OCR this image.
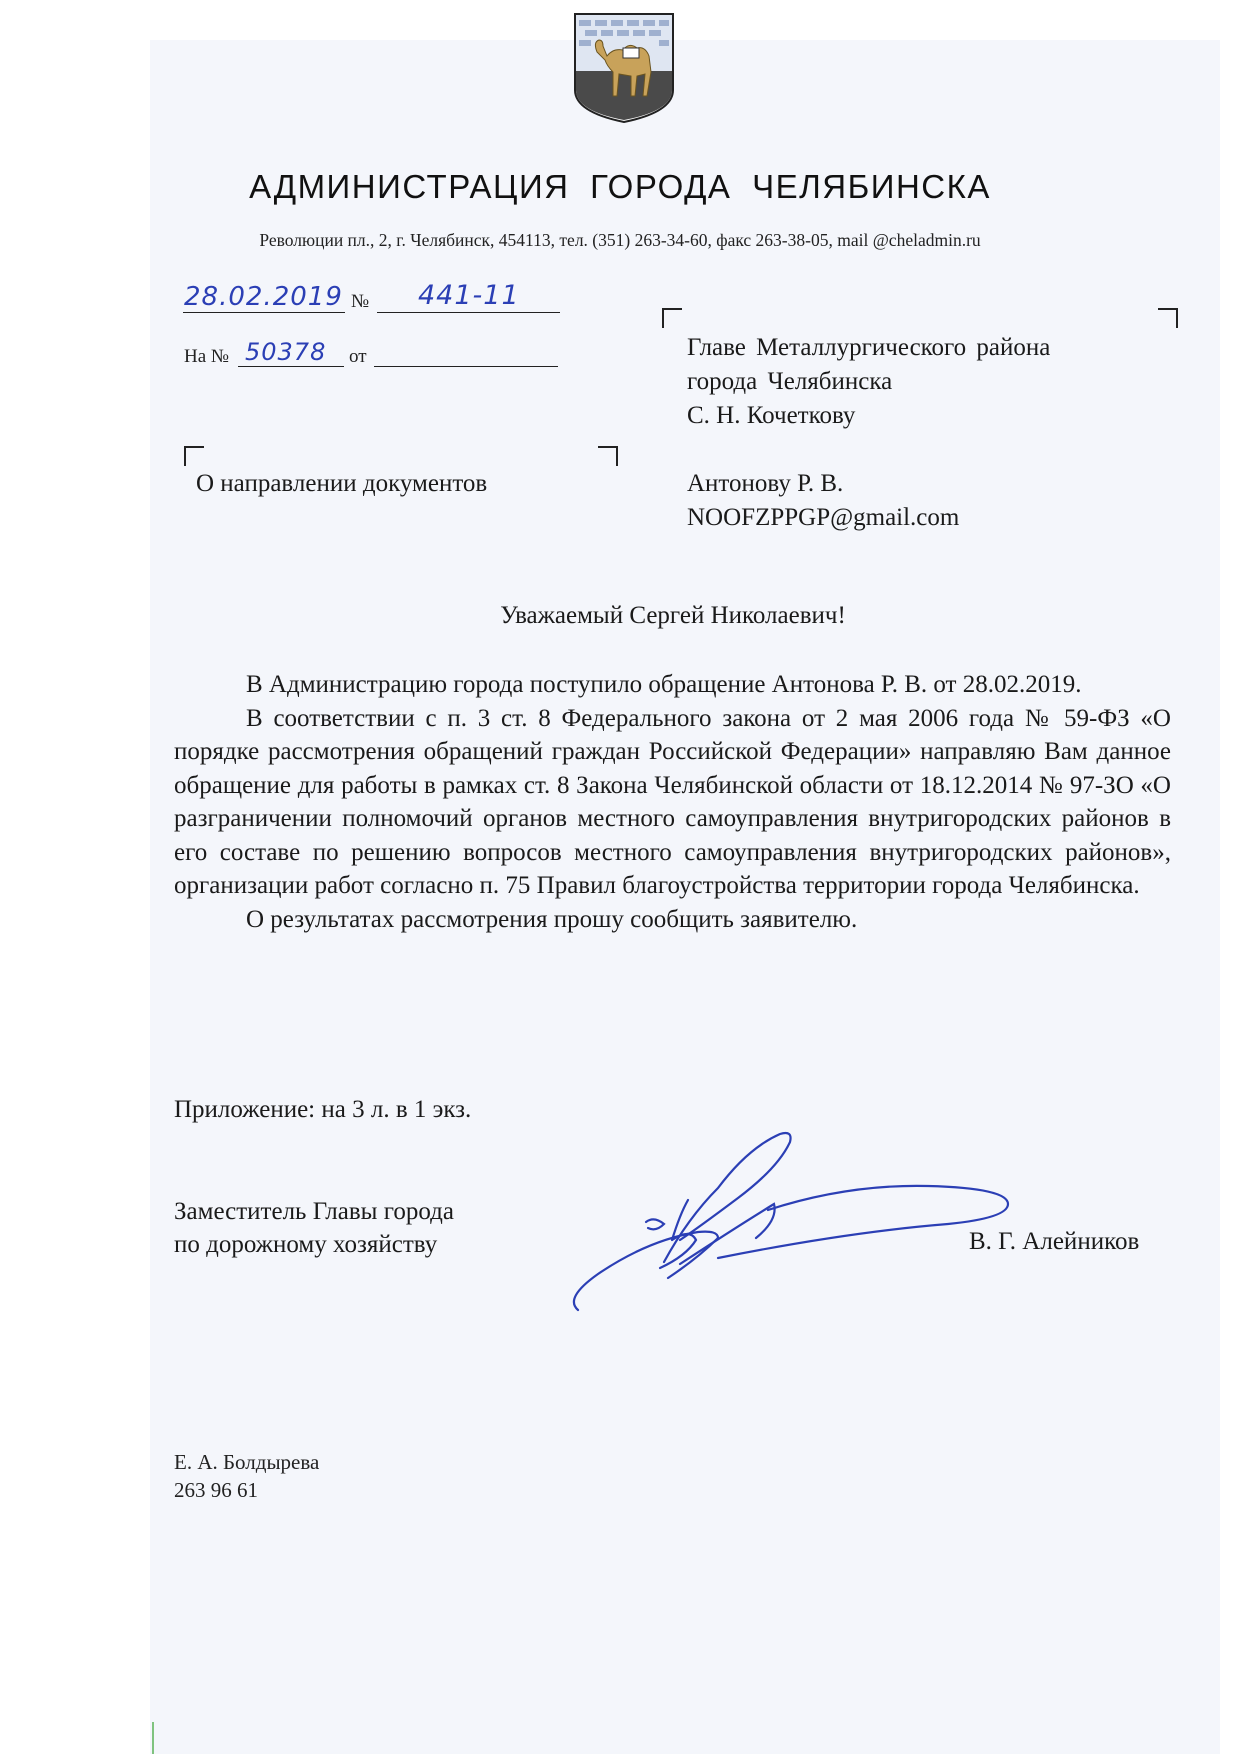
АДМИНИСТРАЦИЯ ГОРОДА ЧЕЛЯБИНСКА
Революции пл., 2, г. Челябинск, 454113, тел. (351) 263-34-60, факс 263-38-05, mail @cheladmin.ru
28.02.2019 № 441-11
На № 50378 от	Главе Металлургического района
города Челябинска
С. Н. Кочеткову
Антонову Р. В.
NOOFZPPGP@gmail.com
О направлении документов
Уважаемый Сергей Николаевич!

В Администрацию города поступило обращение Антонова Р. В. от 28.02.2019.

В соответствии с п. 3 ст. 8 Федерального закона от 2 мая 2006 года № 59-ФЗ «О порядке рассмотрения обращений граждан Российской Федерации» направляю Вам данное обращение для работы в рамках ст. 8 Закона Челябинской области от 18.12.2014 № 97-ЗО «О разграничении полномочий органов местного самоуправления внутригородских районов в его составе по решению вопросов местного самоуправления внутригородских районов», организации работ согласно п. 75 Правил благоустройства территории города Челябинска.

О результатах рассмотрения прошу сообщить заявителю.

Приложение: на 3 л. в 1 экз.
Заместитель Главы города
по дорожному хозяйству	В. Г. Алейников
Е. А. Болдырева
263 96 61
